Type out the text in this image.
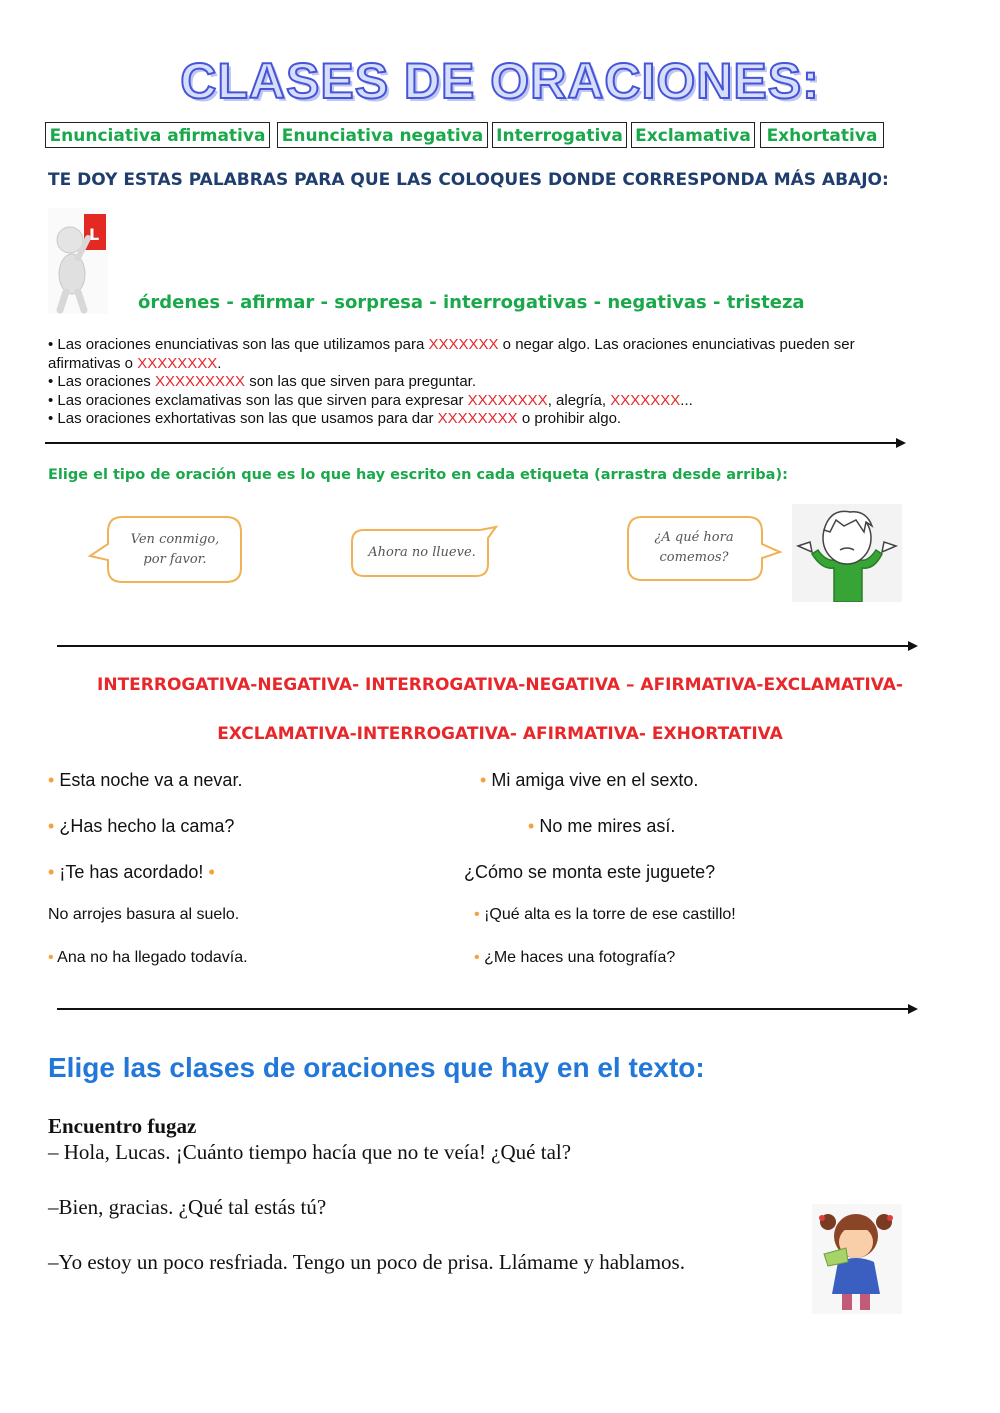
CLASES DE ORACIONES:
Enunciativa afirmativa Enunciativa negativa Interrogativa Exclamativa Exhortativa
TE DOY ESTAS PALABRAS PARA QUE LAS COLOQUES DONDE CORRESPONDA MÁS ABAJO:
L
órdenes - afirmar - sorpresa - interrogativas - negativas - tristeza
• Las oraciones enunciativas son las que utilizamos para XXXXXXX o negar algo. Las oraciones enunciativas pueden ser
afirmativas o XXXXXXXX.
• Las oraciones XXXXXXXXX son las que sirven para preguntar.
• Las oraciones exclamativas son las que sirven para expresar XXXXXXXX, alegría, XXXXXXX...
• Las oraciones exhortativas son las que usamos para dar XXXXXXXX o prohibir algo.
Elige el tipo de oración que es lo que hay escrito en cada etiqueta (arrastra desde arriba):
Ven conmigo,
por favor.	Ahora no llueve.
¿A qué hora
comemos?
INTERROGATIVA-NEGATIVA- INTERROGATIVA-NEGATIVA – AFIRMATIVA-EXCLAMATIVA-
EXCLAMATIVA-INTERROGATIVA- AFIRMATIVA- EXHORTATIVA
• Esta noche va a nevar.	• Mi amiga vive en el sexto.
• ¿Has hecho la cama?	• No me mires así.
• ¡Te has acordado! •	¿Cómo se monta este juguete?
No arrojes basura al suelo.	• ¡Qué alta es la torre de ese castillo!
• Ana no ha llegado todavía.	• ¿Me haces una fotografía?
Elige las clases de oraciones que hay en el texto:
Encuentro fugaz
– Hola, Lucas. ¡Cuánto tiempo hacía que no te veía! ¿Qué tal?
–Bien, gracias. ¿Qué tal estás tú?
–Yo estoy un poco resfriada. Tengo un poco de prisa. Llámame y hablamos.
